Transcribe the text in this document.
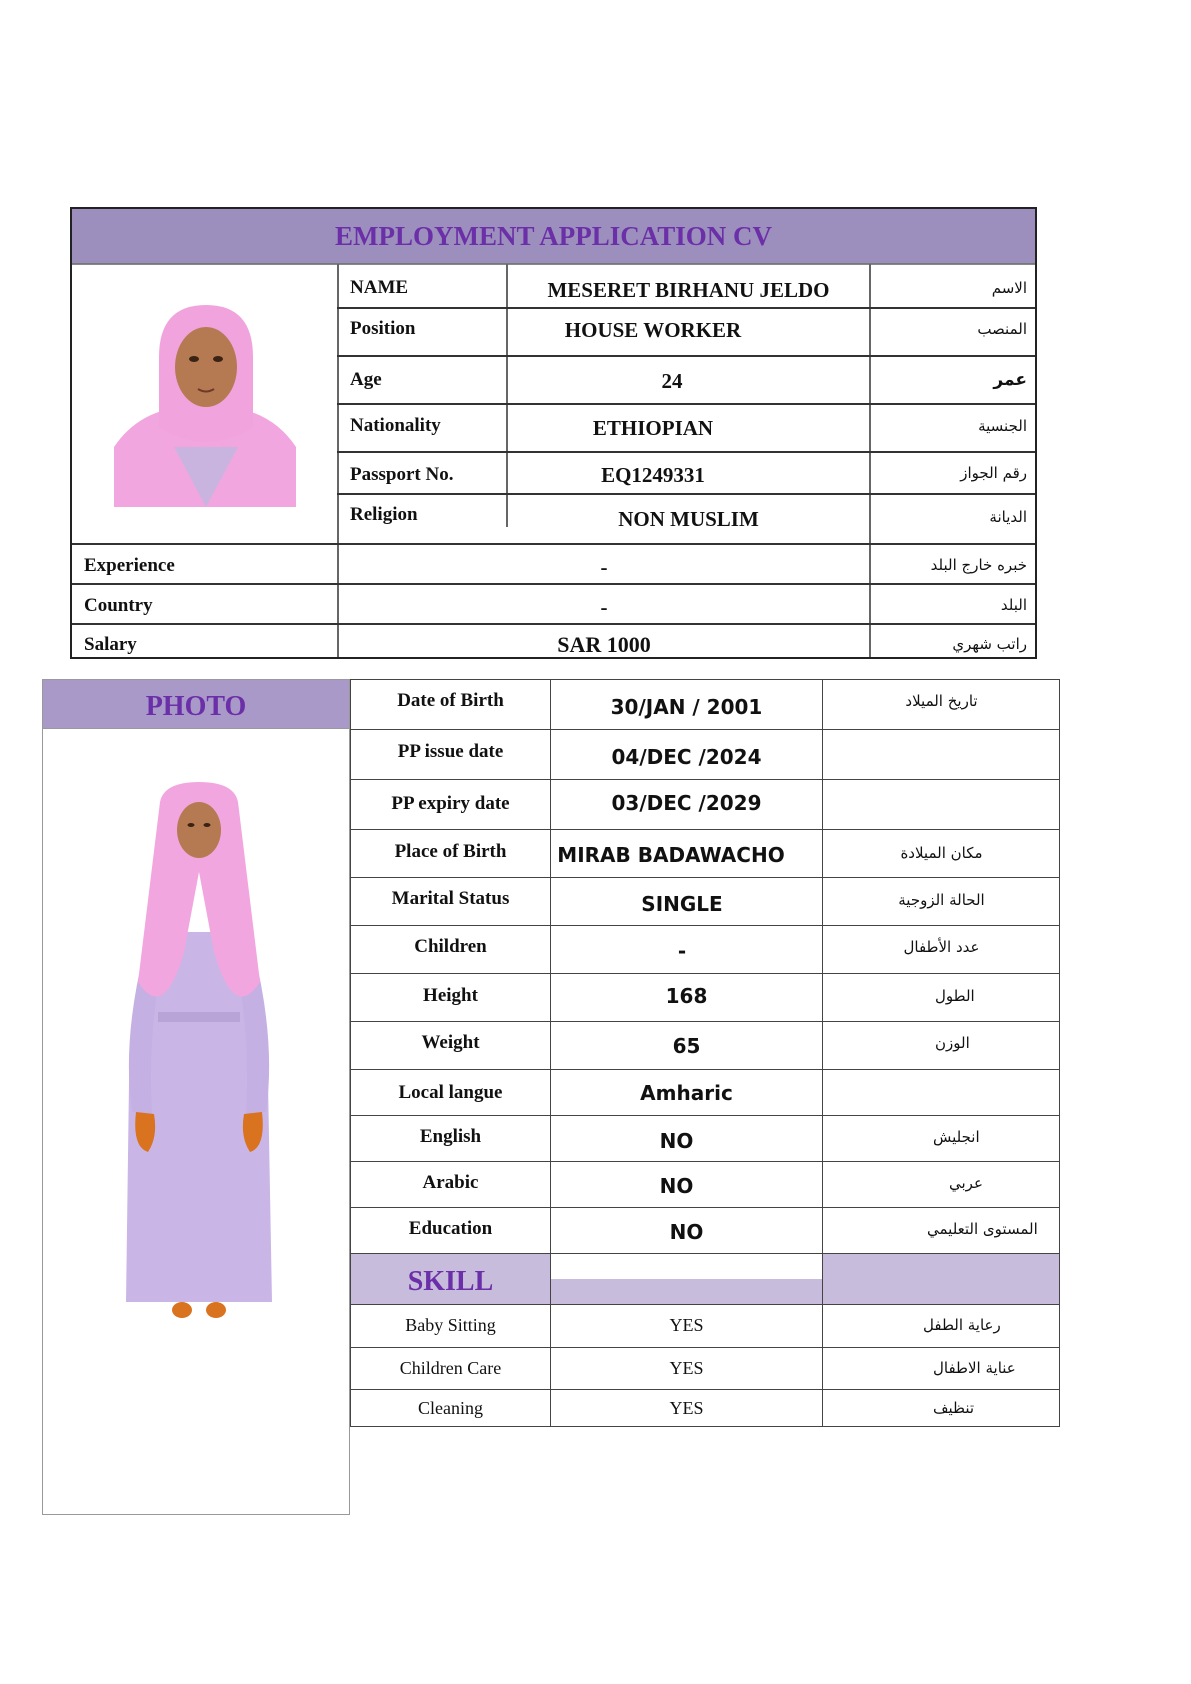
EMPLOYMENT APPLICATION CV
NAME	MESERET BIRHANU JELDO	الاسم
Position	HOUSE WORKER	المنصب
Age	24	عمر
Nationality	ETHIOPIAN	الجنسية
Passport No.	EQ1249331	رقم الجواز
Religion	NON MUSLIM	الديانة
Experience	-	خبره خارج البلد
Country	-	البلد
Salary	SAR 1000	راتب شهري
PHOTO
SKILL
Date of Birth	30/JAN / 2001	تاريخ الميلاد
PP issue date	04/DEC /2024
PP expiry date	03/DEC /2029
Place of Birth	MIRAB BADAWACHO	مكان الميلادة
Marital Status	SINGLE	الحالة الزوجية
Children	-	عدد الأطفال
Height	168	الطول
Weight	65	الوزن
Local langue	Amharic
English	NO	انجليش
Arabic	NO	عربي
Education	NO	المستوى التعليمي
Baby Sitting	YES	رعاية الطفل
Children Care	YES	عناية الاطفال
Cleaning	YES	تنظيف
